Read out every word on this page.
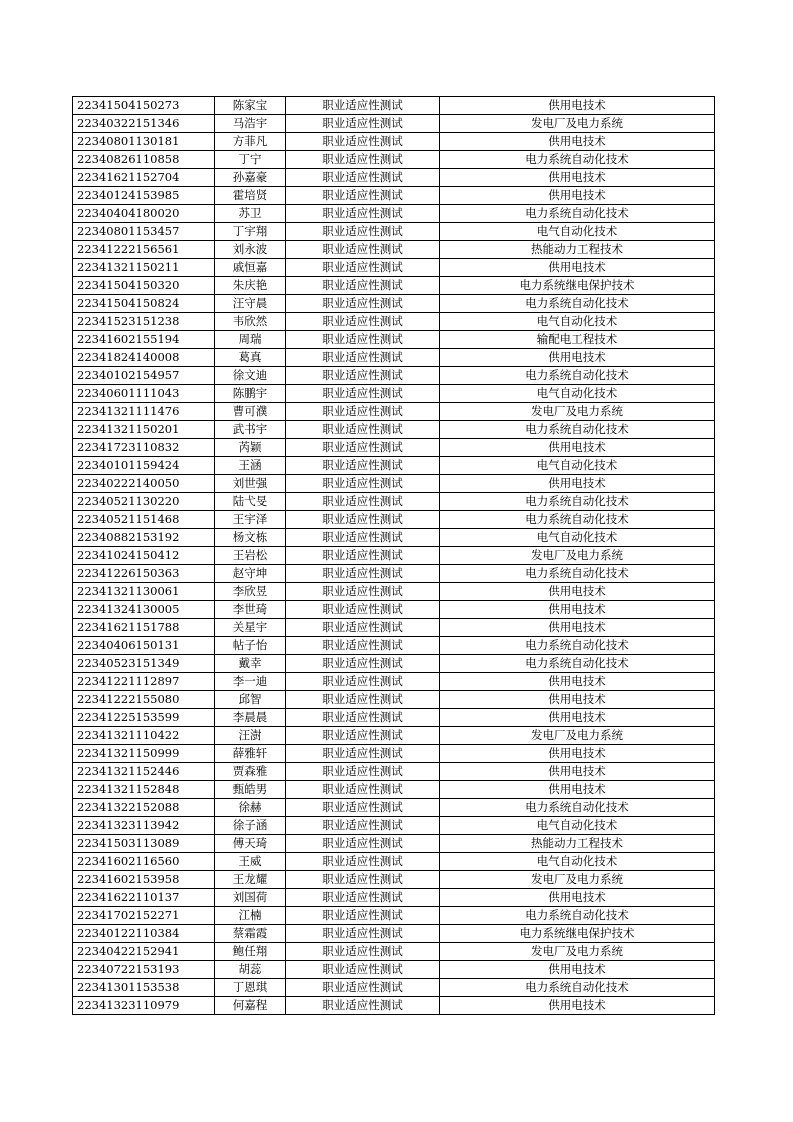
22341504150273	陈家宝	职业适应性测试	供用电技术
22340322151346	马浩宇	职业适应性测试	发电厂及电力系统
22340801130181	方菲凡	职业适应性测试	供用电技术
22340826110858	丁宁	职业适应性测试	电力系统自动化技术
22341621152704	孙嘉豪	职业适应性测试	供用电技术
22340124153985	霍培贤	职业适应性测试	供用电技术
22340404180020	苏卫	职业适应性测试	电力系统自动化技术
22340801153457	丁宇翔	职业适应性测试	电气自动化技术
22341222156561	刘永波	职业适应性测试	热能动力工程技术
22341321150211	戚恒嘉	职业适应性测试	供用电技术
22341504150320	朱庆艳	职业适应性测试	电力系统继电保护技术
22341504150824	汪守晨	职业适应性测试	电力系统自动化技术
22341523151238	韦欣然	职业适应性测试	电气自动化技术
22341602155194	周瑞	职业适应性测试	输配电工程技术
22341824140008	葛真	职业适应性测试	供用电技术
22340102154957	徐文迪	职业适应性测试	电力系统自动化技术
22340601111043	陈鹏宇	职业适应性测试	电气自动化技术
22341321111476	曹可濮	职业适应性测试	发电厂及电力系统
22341321150201	武书宇	职业适应性测试	电力系统自动化技术
22341723110832	芮颖	职业适应性测试	供用电技术
22340101159424	王涵	职业适应性测试	电气自动化技术
22340222140050	刘世强	职业适应性测试	供用电技术
22340521130220	陆弋旻	职业适应性测试	电力系统自动化技术
22340521151468	王宇泽	职业适应性测试	电力系统自动化技术
22340882153192	杨文栋	职业适应性测试	电气自动化技术
22341024150412	王岩松	职业适应性测试	发电厂及电力系统
22341226150363	赵守坤	职业适应性测试	电力系统自动化技术
22341321130061	李欣昱	职业适应性测试	供用电技术
22341324130005	李世琦	职业适应性测试	供用电技术
22341621151788	关星宇	职业适应性测试	供用电技术
22340406150131	帖子怡	职业适应性测试	电力系统自动化技术
22340523151349	戴幸	职业适应性测试	电力系统自动化技术
22341221112897	李一迪	职业适应性测试	供用电技术
22341222155080	邱智	职业适应性测试	供用电技术
22341225153599	李晨晨	职业适应性测试	供用电技术
22341321110422	汪澍	职业适应性测试	发电厂及电力系统
22341321150999	薛雅轩	职业适应性测试	供用电技术
22341321152446	贾森雅	职业适应性测试	供用电技术
22341321152848	甄皓男	职业适应性测试	供用电技术
22341322152088	徐赫	职业适应性测试	电力系统自动化技术
22341323113942	徐子涵	职业适应性测试	电气自动化技术
22341503113089	傅天琦	职业适应性测试	热能动力工程技术
22341602116560	王威	职业适应性测试	电气自动化技术
22341602153958	王龙耀	职业适应性测试	发电厂及电力系统
22341622110137	刘国荷	职业适应性测试	供用电技术
22341702152271	江楠	职业适应性测试	电力系统自动化技术
22340122110384	蔡霜霞	职业适应性测试	电力系统继电保护技术
22340422152941	鲍任翔	职业适应性测试	发电厂及电力系统
22340722153193	胡蕊	职业适应性测试	供用电技术
22341301153538	丁恩琪	职业适应性测试	电力系统自动化技术
22341323110979	何嘉程	职业适应性测试	供用电技术
